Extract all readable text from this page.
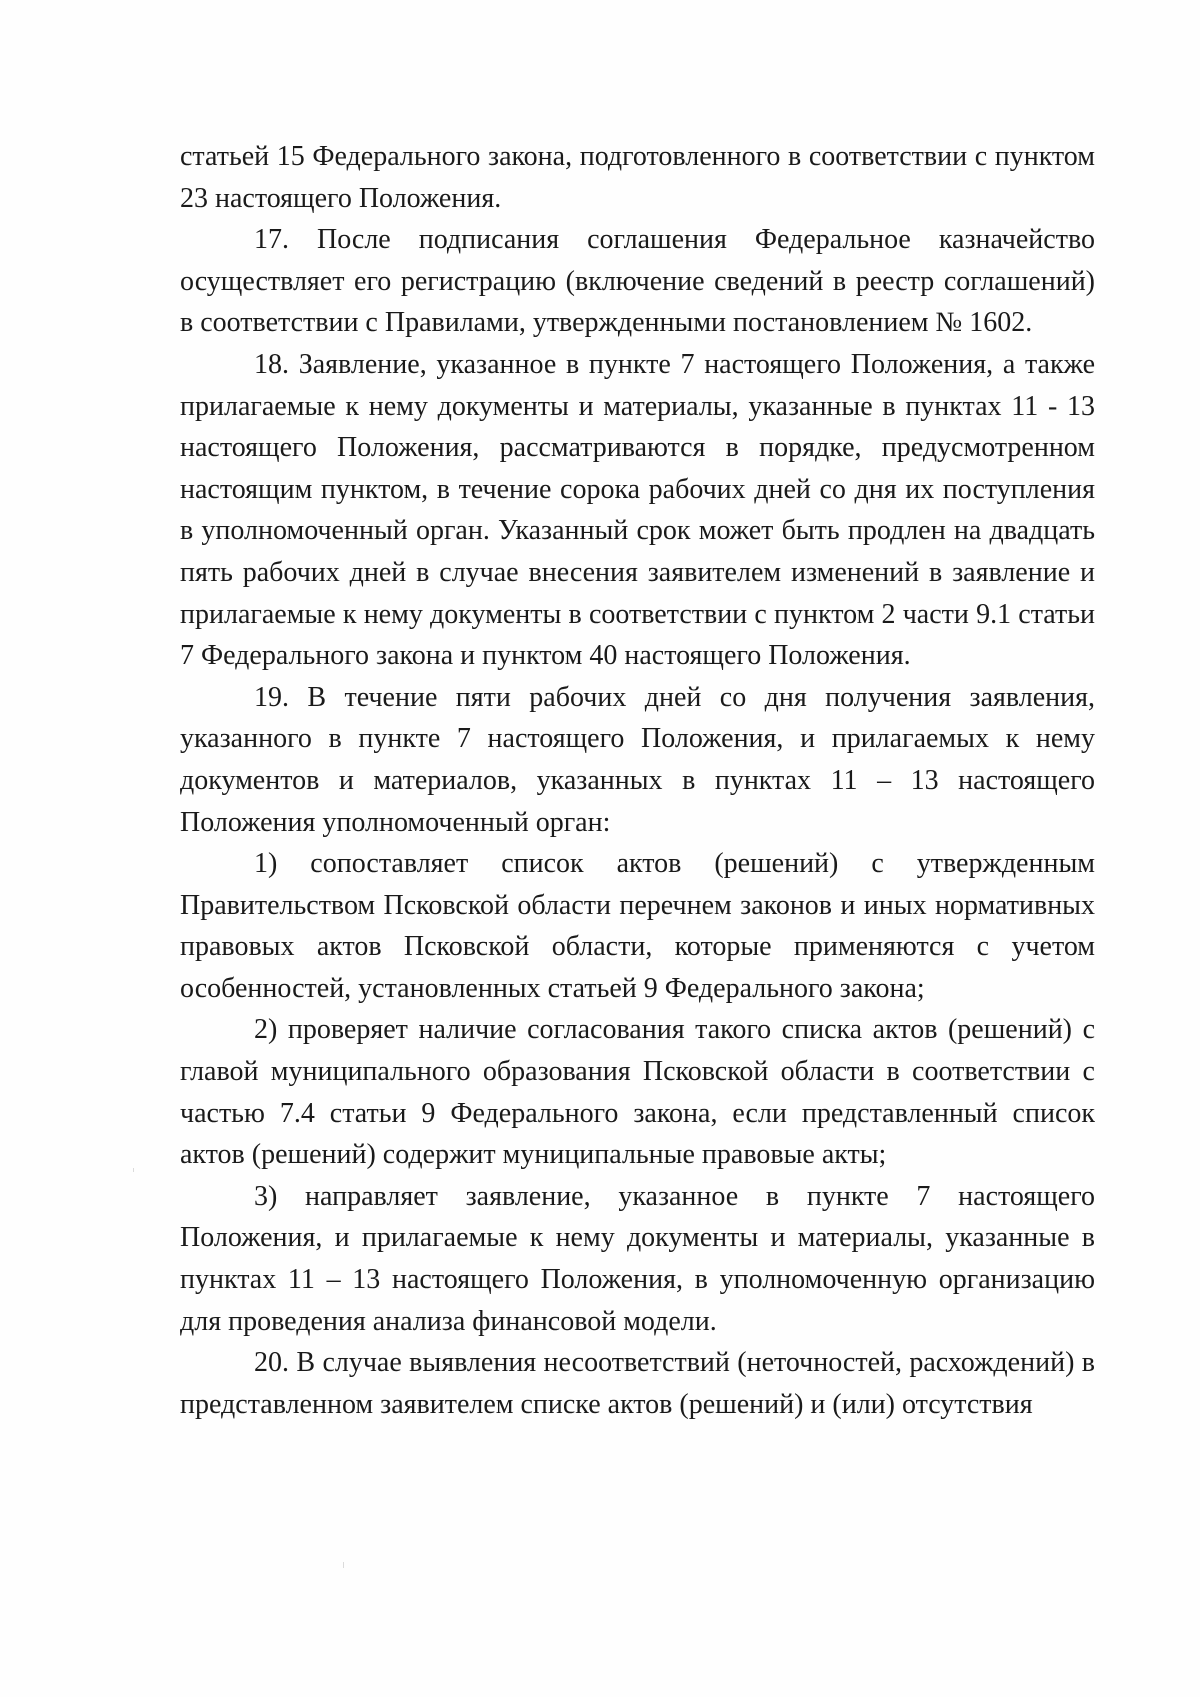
статьей 15 Федерального закона, подготовленного в соответствии с пунктом 23 настоящего Положения.

17. После подписания соглашения Федеральное казначейство осуществляет его регистрацию (включение сведений в реестр соглашений) в соответствии с Правилами, утвержденными постановлением № 1602.

18. Заявление, указанное в пункте 7 настоящего Положения, а также прилагаемые к нему документы и материалы, указанные в пунктах 11 - 13 настоящего Положения, рассматриваются в порядке, предусмотренном настоящим пунктом, в течение сорока рабочих дней со дня их поступления в уполномоченный орган. Указанный срок может быть продлен на двадцать пять рабочих дней в случае внесения заявителем изменений в заявление и прилагаемые к нему документы в соответствии с пунктом 2 части 9.1 статьи 7 Федерального закона и пунктом 40 настоящего Положения.

19. В течение пяти рабочих дней со дня получения заявления, указанного в пункте 7 настоящего Положения, и прилагаемых к нему документов и материалов, указанных в пунктах 11 – 13 настоящего Положения уполномоченный орган:

1) сопоставляет список актов (решений) с утвержденным Правительством Псковской области перечнем законов и иных нормативных правовых актов Псковской области, которые применяются с учетом особенностей, установленных статьей 9 Федерального закона;

2) проверяет наличие согласования такого списка актов (решений) с главой муниципального образования Псковской области в соответствии с частью 7.4 статьи 9 Федерального закона, если представленный список актов (решений) содержит муниципальные правовые акты;

3) направляет заявление, указанное в пункте 7 настоящего Положения, и прилагаемые к нему документы и материалы, указанные в пунктах 11 – 13 настоящего Положения, в уполномоченную организацию для проведения анализа финансовой модели.

20. В случае выявления несоответствий (неточностей, расхождений) в представленном заявителем списке актов (решений) и (или) отсутствия
